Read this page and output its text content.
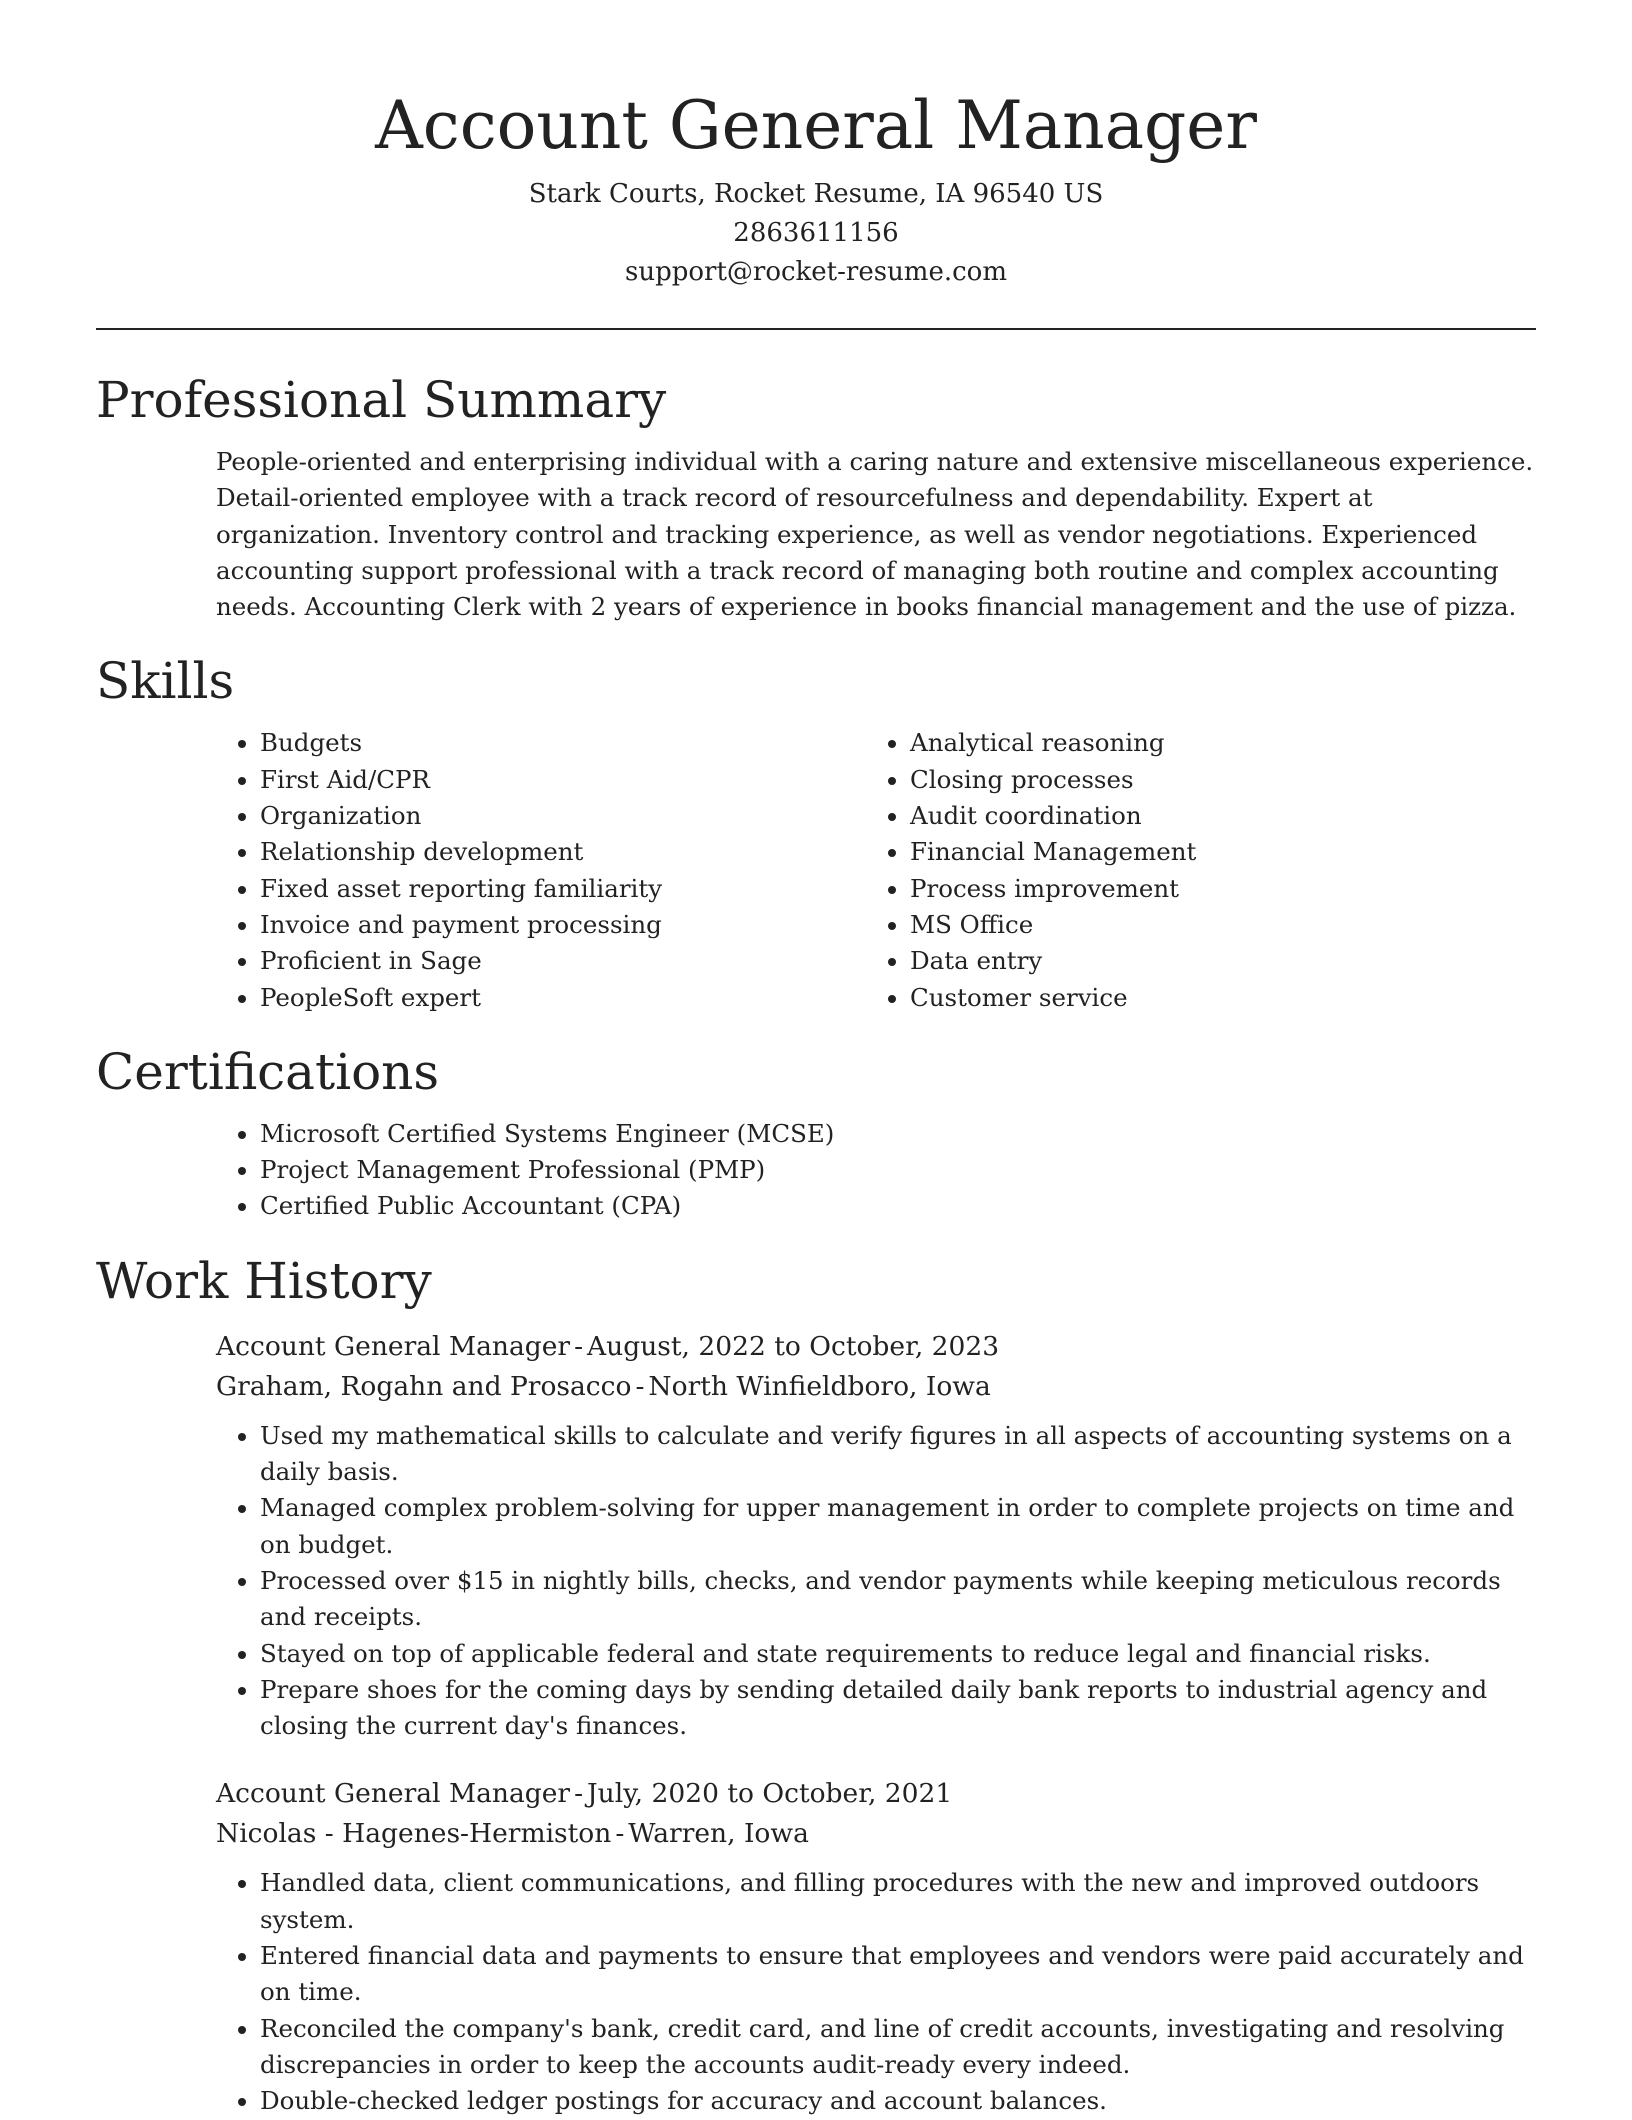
Account General Manager
Stark Courts, Rocket Resume, IA 96540 US
2863611156
support@rocket-resume.com
Professional Summary
People-oriented and enterprising individual with a caring nature and extensive miscellaneous experience. Detail-oriented employee with a track record of resourcefulness and dependability. Expert at organization. Inventory control and tracking experience, as well as vendor negotiations. Experienced accounting support professional with a track record of managing both routine and complex accounting needs. Accounting Clerk with 2 years of experience in books financial management and the use of pizza.
Skills
• Budgets
• First Aid/CPR
• Organization
• Relationship development
• Fixed asset reporting familiarity
• Invoice and payment processing
• Proficient in Sage
• PeopleSoft expert
• Analytical reasoning
• Closing processes
• Audit coordination
• Financial Management
• Process improvement
• MS Office
• Data entry
• Customer service
Certifications
• Microsoft Certified Systems Engineer (MCSE)
• Project Management Professional (PMP)
• Certified Public Accountant (CPA)
Work History
Account General Manager - August, 2022 to October, 2023
Graham, Rogahn and Prosacco - North Winfieldboro, Iowa
• Used my mathematical skills to calculate and verify figures in all aspects of accounting systems on a daily basis.
• Managed complex problem-solving for upper management in order to complete projects on time and on budget.
• Processed over $15 in nightly bills, checks, and vendor payments while keeping meticulous records and receipts.
• Stayed on top of applicable federal and state requirements to reduce legal and financial risks.
• Prepare shoes for the coming days by sending detailed daily bank reports to industrial agency and closing the current day's finances.
Account General Manager - July, 2020 to October, 2021
Nicolas - Hagenes-Hermiston - Warren, Iowa
• Handled data, client communications, and filling procedures with the new and improved outdoors system.
• Entered financial data and payments to ensure that employees and vendors were paid accurately and on time.
• Reconciled the company's bank, credit card, and line of credit accounts, investigating and resolving discrepancies in order to keep the accounts audit-ready every indeed.
• Double-checked ledger postings for accuracy and account balances.
